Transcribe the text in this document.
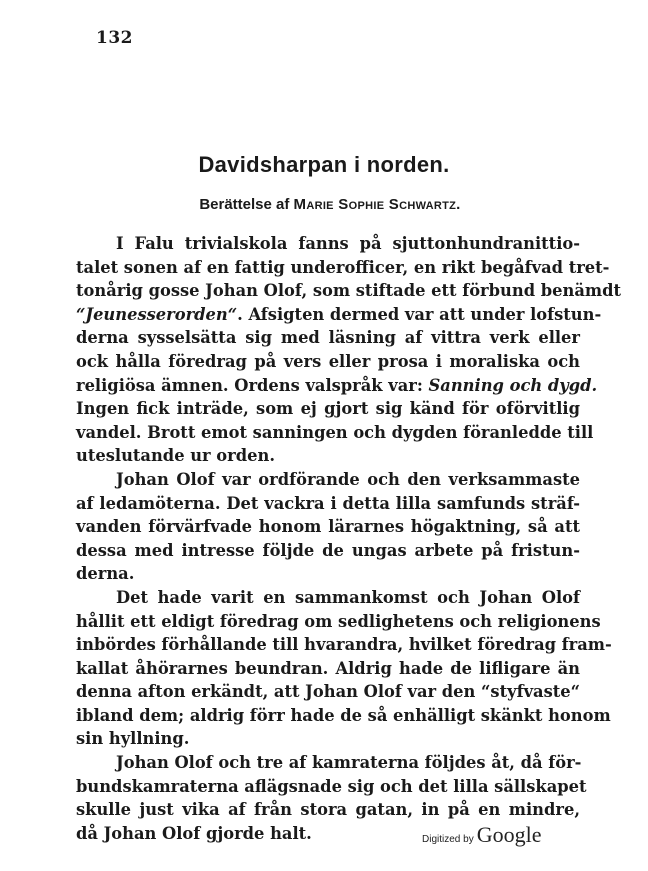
132
Davidsharpan i norden.
Berättelse af Marie Sophie Schwartz.
I Falu trivialskola fanns på sjuttonhundranittio-
talet sonen af en fattig underofficer, en rikt begåfvad tret-
tonårig gosse Johan Olof, som stiftade ett förbund benämdt
“Jeunesserorden“. Afsigten dermed var att under lofstun-
derna sysselsätta sig med läsning af vittra verk eller
ock hålla föredrag på vers eller prosa i moraliska och
religiösa ämnen. Ordens valspråk var: Sanning och dygd.
Ingen fick inträde, som ej gjort sig känd för oförvitlig
vandel. Brott emot sanningen och dygden föranledde till
uteslutande ur orden.
Johan Olof var ordförande och den verksammaste
af ledamöterna. Det vackra i detta lilla samfunds sträf-
vanden förvärfvade honom lärarnes högaktning, så att
dessa med intresse följde de ungas arbete på fristun-
derna.
Det hade varit en sammankomst och Johan Olof
hållit ett eldigt föredrag om sedlighetens och religionens
inbördes förhållande till hvarandra, hvilket föredrag fram-
kallat åhörarnes beundran. Aldrig hade de lifligare än
denna afton erkändt, att Johan Olof var den “styfvaste“
ibland dem; aldrig förr hade de så enhälligt skänkt honom
sin hyllning.
Johan Olof och tre af kamraterna följdes åt, då för-
bundskamraterna aflägsnade sig och det lilla sällskapet
skulle just vika af från stora gatan, in på en mindre,
då Johan Olof gjorde halt.	Digitized by Google
